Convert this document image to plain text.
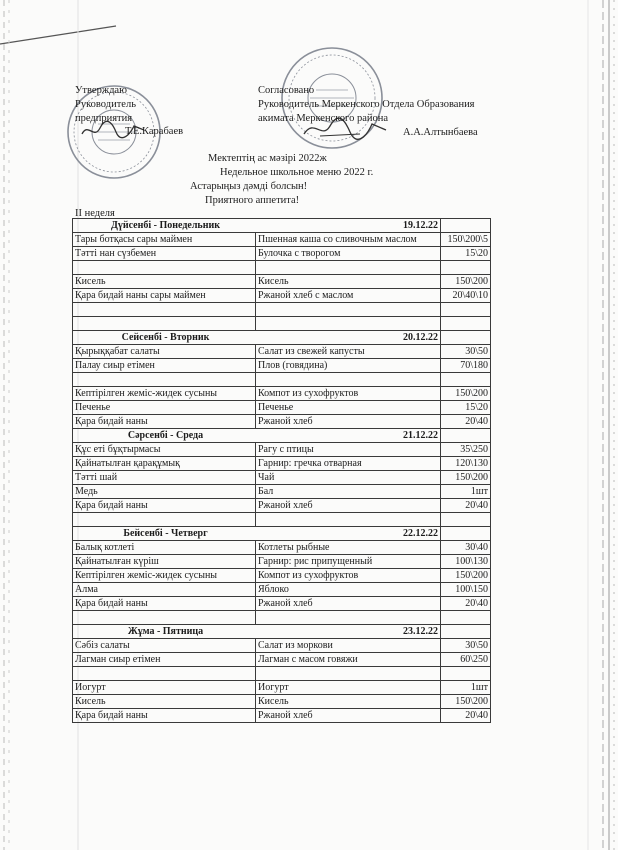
Утверждаю
Руководитель
предприятия
Т.Е.Карабаев
Согласовано
Руководитель Меркенского Отдела Образования
акимата Меркенского района
А.А.Алтынбаева
Мектептің ас мәзірі 2022ж
Недельное школьное меню 2022 г.
Астарыңыз дәмді болсын!
Приятного аппетита!
II неделя
Дүйсенбі - Понедельник 19.12.22		

Тары ботқасы сары маймен	Пшенная каша со сливочным маслом	150\200\5
Тәтті нан сүзбемен	Булочка с творогом	15\20

Кисель	Кисель	150\200
Қара бидай наны сары маймен	Ржаной хлеб с маслом	20\40\10

Сейсенбі - Вторник 20.12.22		

Қырыққабат салаты	Салат из свежей капусты	30\50
Палау сиыр етімен	Плов (говядина)	70\180

Кептірілген жеміс-жидек сусыны	Компот из сухофруктов	150\200
Печенье	Печенье	15\20
Қара бидай наны	Ржаной хлеб	20\40

Сәрсенбі - Среда 21.12.22		

Құс еті бұқтырмасы	Рагу с птицы	35\250
Қайнатылған қарақұмық	Гарнир: гречка отварная	120\130
Тәтті шай	Чай	150\200
Медь	Бал	1шт
Қара бидай наны	Ржаной хлеб	20\40

Бейсенбі - Четверг 22.12.22		

Балық котлеті	Котлеты рыбные	30\40
Қайнатылған күріш	Гарнир: рис припущенный	100\130
Кептірілген жеміс-жидек сусыны	Компот из сухофруктов	150\200
Алма	Яблоко	100\150
Қара бидай наны	Ржаной хлеб	20\40

Жұма - Пятница 23.12.22		

Сәбіз салаты	Салат из моркови	30\50
Лагман сиыр етімен	Лагман с масом говяжи	60\250

Иогурт	Иогурт	1шт
Кисель	Кисель	150\200
Қара бидай наны	Ржаной хлеб	20\40
